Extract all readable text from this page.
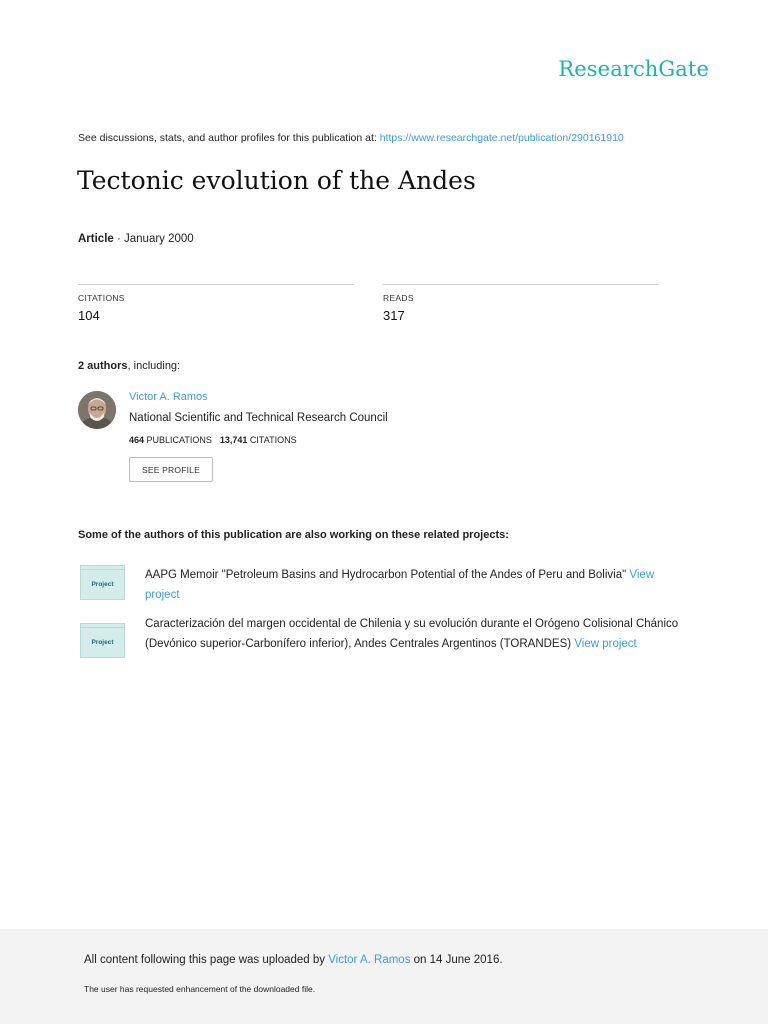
ResearchGate
See discussions, stats, and author profiles for this publication at: https://www.researchgate.net/publication/290161910
Tectonic evolution of the Andes
Article · January 2000
CITATIONS
104
READS
317
2 authors, including:
Victor A. Ramos
National Scientific and Technical Research Council
464 PUBLICATIONS 13,741 CITATIONS
SEE PROFILE
Some of the authors of this publication are also working on these related projects:
Project
AAPG Memoir "Petroleum Basins and Hydrocarbon Potential of the Andes of Peru and Bolivia" View project
Project
Caracterización del margen occidental de Chilenia y su evolución durante el Orógeno Colisional Chánico (Devónico superior-Carbonífero inferior), Andes Centrales Argentinos (TORANDES) View project
All content following this page was uploaded by Victor A. Ramos on 14 June 2016.
The user has requested enhancement of the downloaded file.
